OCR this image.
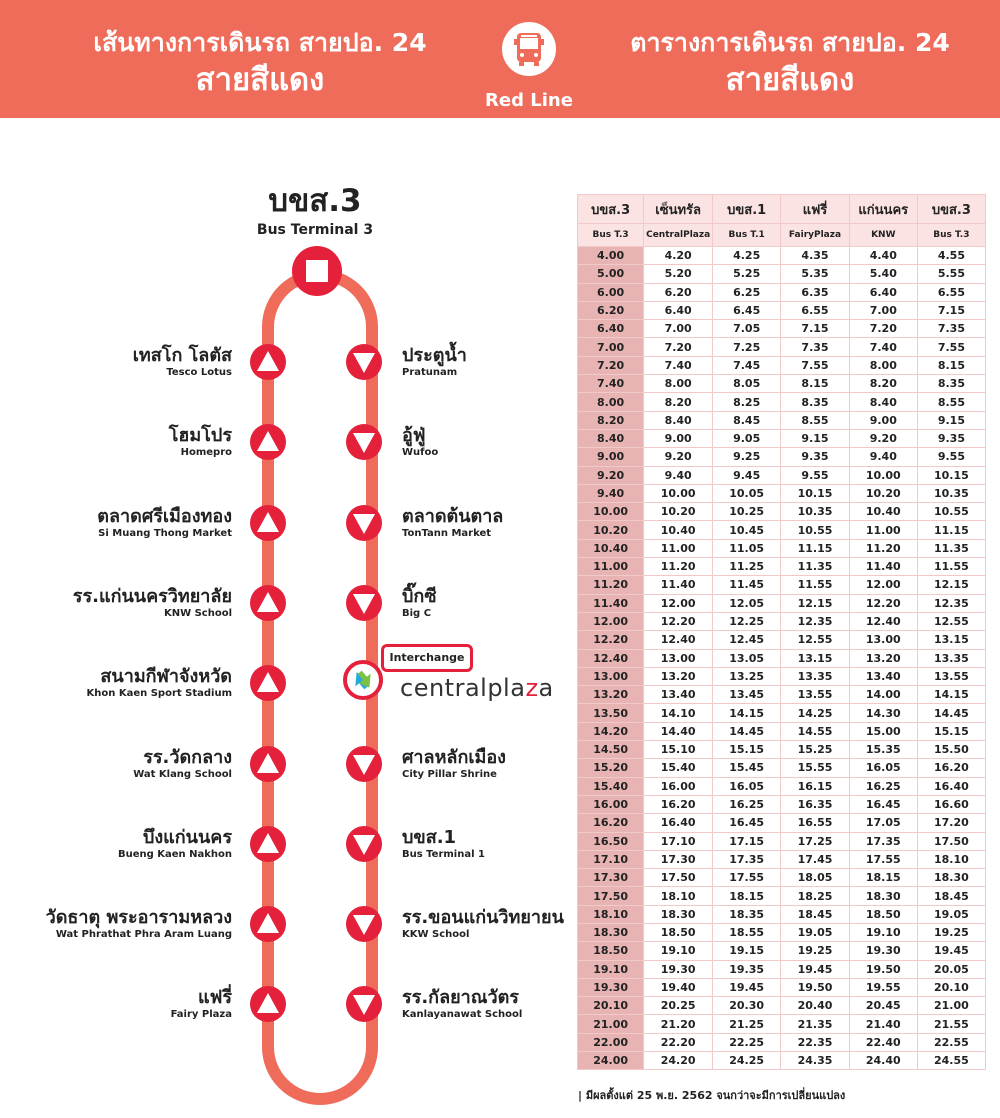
เส้นทางการเดินรถ สายปอ. 24
สายสีแดง
Red Line
ตารางการเดินรถ สายปอ. 24
สายสีแดง
บขส.3
Bus Terminal 3
เทสโก โลตัส
Tesco Lotus
โฮมโปร
Homepro
ตลาดศรีเมืองทอง
Si Muang Thong Market
รร.แก่นนครวิทยาลัย
KNW School
สนามกีฬาจังหวัด
Khon Kaen Sport Stadium
รร.วัดกลาง
Wat Klang School
บึงแก่นนคร
Bueng Kaen Nakhon
วัดธาตุ พระอารามหลวง
Wat Phrathat Phra Aram Luang
แฟรี่
Fairy Plaza
ประตูน้ำ
Pratunam
อู้ฟู่
Wufoo
ตลาดต้นตาล
TonTann Market
บิ๊กซี
Big C
ศาลหลักเมือง
City Pillar Shrine
บขส.1
Bus Terminal 1
รร.ขอนแก่นวิทยายน
KKW School
รร.กัลยาณวัตร
Kanlayanawat School
Interchange
centralplaza
บขส.3	เซ็นทรัล	บขส.1	แฟรี่	แก่นนคร	บขส.3
Bus T.3	CentralPlaza	Bus T.1	FairyPlaza	KNW	Bus T.3
4.00	4.20	4.25	4.35	4.40	4.55
5.00	5.20	5.25	5.35	5.40	5.55
6.00	6.20	6.25	6.35	6.40	6.55
6.20	6.40	6.45	6.55	7.00	7.15
6.40	7.00	7.05	7.15	7.20	7.35
7.00	7.20	7.25	7.35	7.40	7.55
7.20	7.40	7.45	7.55	8.00	8.15
7.40	8.00	8.05	8.15	8.20	8.35
8.00	8.20	8.25	8.35	8.40	8.55
8.20	8.40	8.45	8.55	9.00	9.15
8.40	9.00	9.05	9.15	9.20	9.35
9.00	9.20	9.25	9.35	9.40	9.55
9.20	9.40	9.45	9.55	10.00	10.15
9.40	10.00	10.05	10.15	10.20	10.35
10.00	10.20	10.25	10.35	10.40	10.55
10.20	10.40	10.45	10.55	11.00	11.15
10.40	11.00	11.05	11.15	11.20	11.35
11.00	11.20	11.25	11.35	11.40	11.55
11.20	11.40	11.45	11.55	12.00	12.15
11.40	12.00	12.05	12.15	12.20	12.35
12.00	12.20	12.25	12.35	12.40	12.55
12.20	12.40	12.45	12.55	13.00	13.15
12.40	13.00	13.05	13.15	13.20	13.35
13.00	13.20	13.25	13.35	13.40	13.55
13.20	13.40	13.45	13.55	14.00	14.15
13.50	14.10	14.15	14.25	14.30	14.45
14.20	14.40	14.45	14.55	15.00	15.15
14.50	15.10	15.15	15.25	15.35	15.50
15.20	15.40	15.45	15.55	16.05	16.20
15.40	16.00	16.05	16.15	16.25	16.40
16.00	16.20	16.25	16.35	16.45	16.60
16.20	16.40	16.45	16.55	17.05	17.20
16.50	17.10	17.15	17.25	17.35	17.50
17.10	17.30	17.35	17.45	17.55	18.10
17.30	17.50	17.55	18.05	18.15	18.30
17.50	18.10	18.15	18.25	18.30	18.45
18.10	18.30	18.35	18.45	18.50	19.05
18.30	18.50	18.55	19.05	19.10	19.25
18.50	19.10	19.15	19.25	19.30	19.45
19.10	19.30	19.35	19.45	19.50	20.05
19.30	19.40	19.45	19.50	19.55	20.10
20.10	20.25	20.30	20.40	20.45	21.00
21.00	21.20	21.25	21.35	21.40	21.55
22.00	22.20	22.25	22.35	22.40	22.55
24.00	24.20	24.25	24.35	24.40	24.55
| มีผลตั้งแต่ 25 พ.ย. 2562 จนกว่าจะมีการเปลี่ยนแปลง
